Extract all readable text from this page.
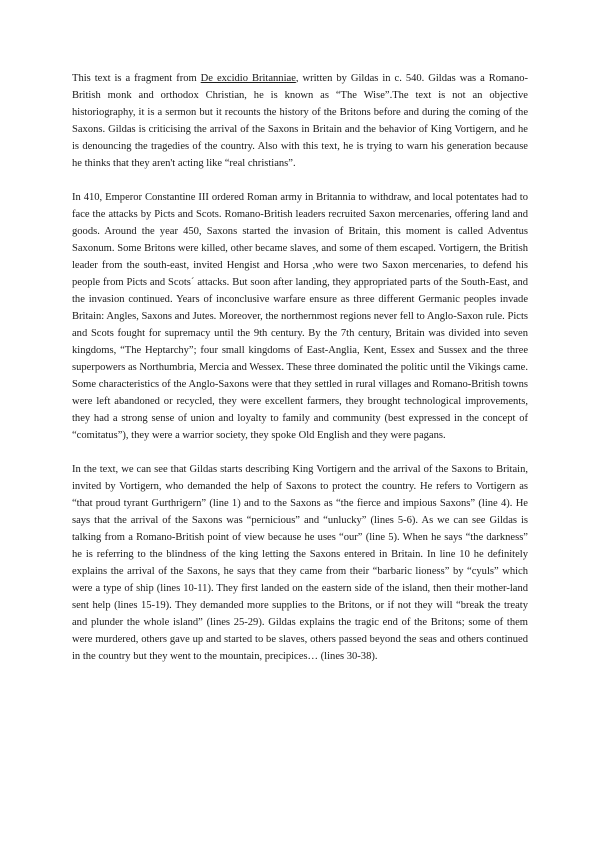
This text is a fragment from De excidio Britanniae, written by Gildas in c. 540. Gildas was a Romano-British monk and orthodox Christian, he is known as “The Wise”.The text is not an objective historiography, it is a sermon but it recounts the history of the Britons before and during the coming of the Saxons. Gildas is criticising the arrival of the Saxons in Britain and the behavior of King Vortigern, and he is denouncing the tragedies of the country. Also with this text, he is trying to warn his generation because he thinks that they aren't acting like “real christians”.

In 410, Emperor Constantine III ordered Roman army in Britannia to withdraw, and local potentates had to face the attacks by Picts and Scots. Romano-British leaders recruited Saxon mercenaries, offering land and goods. Around the year 450, Saxons started the invasion of Britain, this moment is called Adventus Saxonum. Some Britons were killed, other became slaves, and some of them escaped. Vortigern, the British leader from the south-east, invited Hengist and Horsa ,who were two Saxon mercenaries, to defend his people from Picts and Scots´ attacks. But soon after landing, they appropriated parts of the South-East, and the invasion continued. Years of inconclusive warfare ensure as three different Germanic peoples invade Britain: Angles, Saxons and Jutes. Moreover, the northernmost regions never fell to Anglo-Saxon rule. Picts and Scots fought for supremacy until the 9th century. By the 7th century, Britain was divided into seven kingdoms, “The Heptarchy”; four small kingdoms of East-Anglia, Kent, Essex and Sussex and the three superpowers as Northumbria, Mercia and Wessex. These three dominated the politic until the Vikings came. Some characteristics of the Anglo-Saxons were that they settled in rural villages and Romano-British towns were left abandoned or recycled, they were excellent farmers, they brought technological improvements, they had a strong sense of union and loyalty to family and community (best expressed in the concept of “comitatus”), they were a warrior society, they spoke Old English and they were pagans.

In the text, we can see that Gildas starts describing King Vortigern and the arrival of the Saxons to Britain, invited by Vortigern, who demanded the help of Saxons to protect the country. He refers to Vortigern as “that proud tyrant Gurthrigern” (line 1) and to the Saxons as “the fierce and impious Saxons” (line 4). He says that the arrival of the Saxons was “pernicious” and “unlucky” (lines 5-6). As we can see Gildas is talking from a Romano-British point of view because he uses “our” (line 5). When he says “the darkness” he is referring to the blindness of the king letting the Saxons entered in Britain. In line 10 he definitely explains the arrival of the Saxons, he says that they came from their “barbaric lioness” by “cyuls” which were a type of ship (lines 10-11). They first landed on the eastern side of the island, then their mother-land sent help (lines 15-19). They demanded more supplies to the Britons, or if not they will “break the treaty and plunder the whole island” (lines 25-29). Gildas explains the tragic end of the Britons; some of them were murdered, others gave up and started to be slaves, others passed beyond the seas and others continued in the country but they went to the mountain, precipices… (lines 30-38).
